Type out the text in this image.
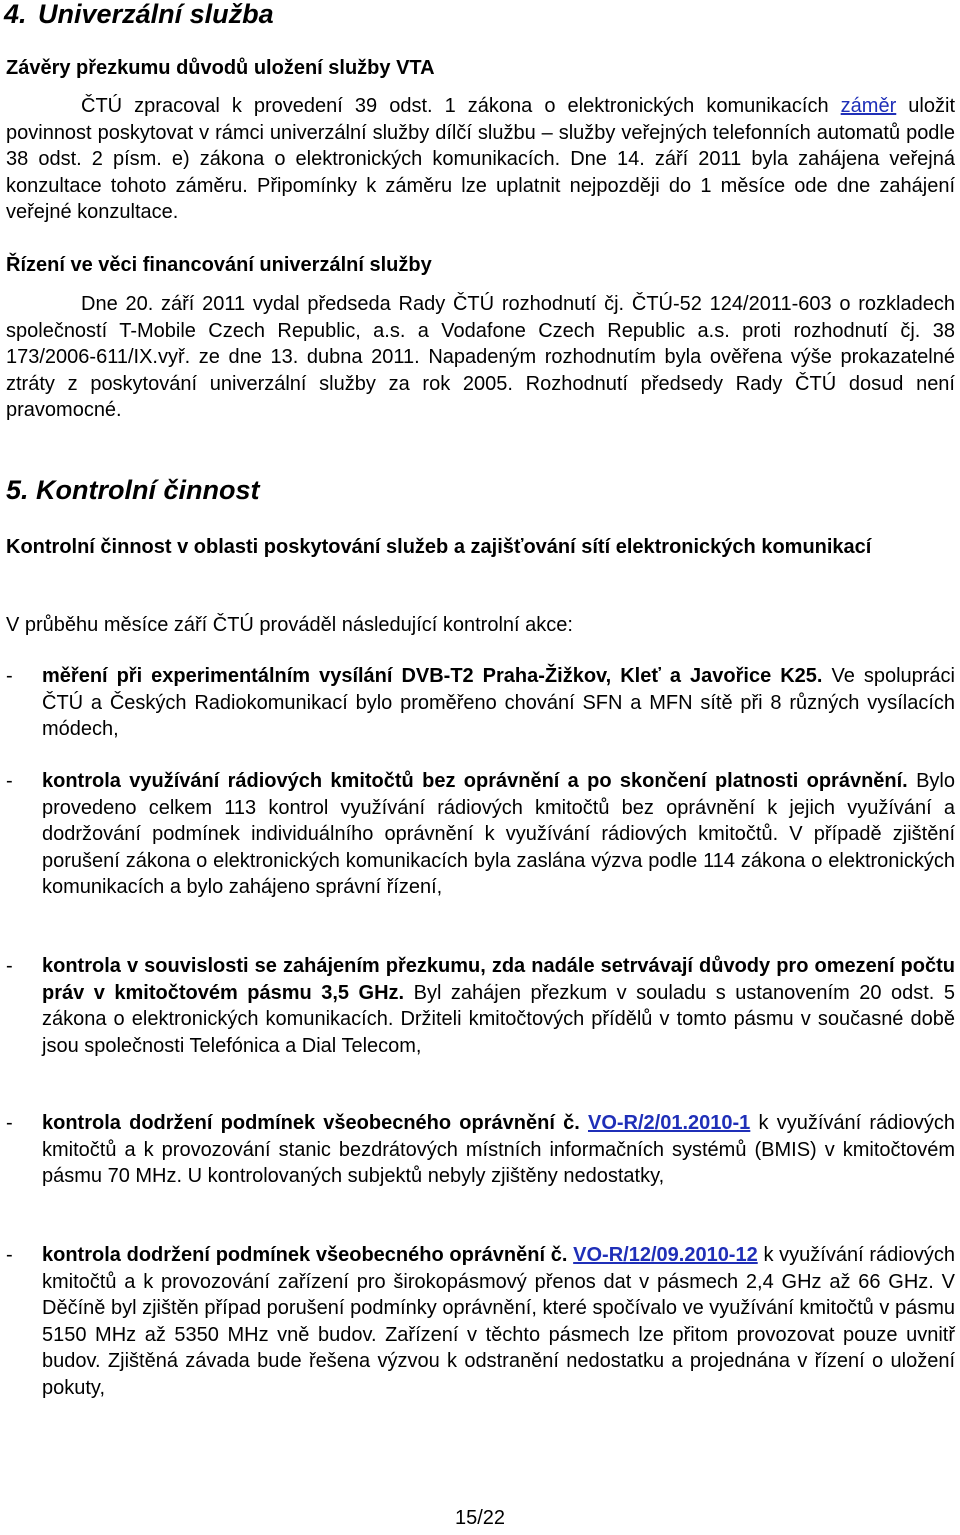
4. Univerzální služba
Závěry přezkumu důvodů uložení služby VTA
ČTÚ zpracoval k provedení 39 odst. 1 zákona o elektronických komunikacích záměr uložit povinnost poskytovat v rámci univerzální služby dílčí službu – služby veřejných telefonních automatů podle 38 odst. 2 písm. e) zákona o elektronických komunikacích. Dne 14. září 2011 byla zahájena veřejná konzultace tohoto záměru. Připomínky k záměru lze uplatnit nejpozději do 1 měsíce ode dne zahájení veřejné konzultace.
Řízení ve věci financování univerzální služby
Dne 20. září 2011 vydal předseda Rady ČTÚ rozhodnutí čj. ČTÚ-52 124/2011-603 o rozkladech společností T-Mobile Czech Republic, a.s. a Vodafone Czech Republic a.s. proti rozhodnutí čj. 38 173/2006-611/IX.vyř. ze dne 13. dubna 2011. Napadeným rozhodnutím byla ověřena výše prokazatelné ztráty z poskytování univerzální služby za rok 2005. Rozhodnutí předsedy Rady ČTÚ dosud není pravomocné.
5. Kontrolní činnost
Kontrolní činnost v oblasti poskytování služeb a zajišťování sítí elektronických komunikací
V průběhu měsíce září ČTÚ prováděl následující kontrolní akce:
- měření při experimentálním vysílání DVB-T2 Praha-Žižkov, Kleť a Javořice K25. Ve spolupráci ČTÚ a Českých Radiokomunikací bylo proměřeno chování SFN a MFN sítě při 8 různých vysílacích módech,
- kontrola využívání rádiových kmitočtů bez oprávnění a po skončení platnosti oprávnění. Bylo provedeno celkem 113 kontrol využívání rádiových kmitočtů bez oprávnění k jejich využívání a dodržování podmínek individuálního oprávnění k využívání rádiových kmitočtů. V případě zjištění porušení zákona o elektronických komunikacích byla zaslána výzva podle 114 zákona o elektronických komunikacích a bylo zahájeno správní řízení,
- kontrola v souvislosti se zahájením přezkumu, zda nadále setrvávají důvody pro omezení počtu práv v kmitočtovém pásmu 3,5 GHz. Byl zahájen přezkum v souladu s ustanovením 20 odst. 5 zákona o elektronických komunikacích. Držiteli kmitočtových přídělů v tomto pásmu v současné době jsou společnosti Telefónica a Dial Telecom,
- kontrola dodržení podmínek všeobecného oprávnění č. VO-R/2/01.2010-1 k využívání rádiových kmitočtů a k provozování stanic bezdrátových místních informačních systémů (BMIS) v kmitočtovém pásmu 70 MHz. U kontrolovaných subjektů nebyly zjištěny nedostatky,
- kontrola dodržení podmínek všeobecného oprávnění č. VO-R/12/09.2010-12 k využívání rádiových kmitočtů a k provozování zařízení pro širokopásmový přenos dat v pásmech 2,4 GHz až 66 GHz. V Děčíně byl zjištěn případ porušení podmínky oprávnění, které spočívalo ve využívání kmitočtů v pásmu 5150 MHz až 5350 MHz vně budov. Zařízení v těchto pásmech lze přitom provozovat pouze uvnitř budov. Zjištěná závada bude řešena výzvou k odstranění nedostatku a projednána v řízení o uložení pokuty,
15/22
